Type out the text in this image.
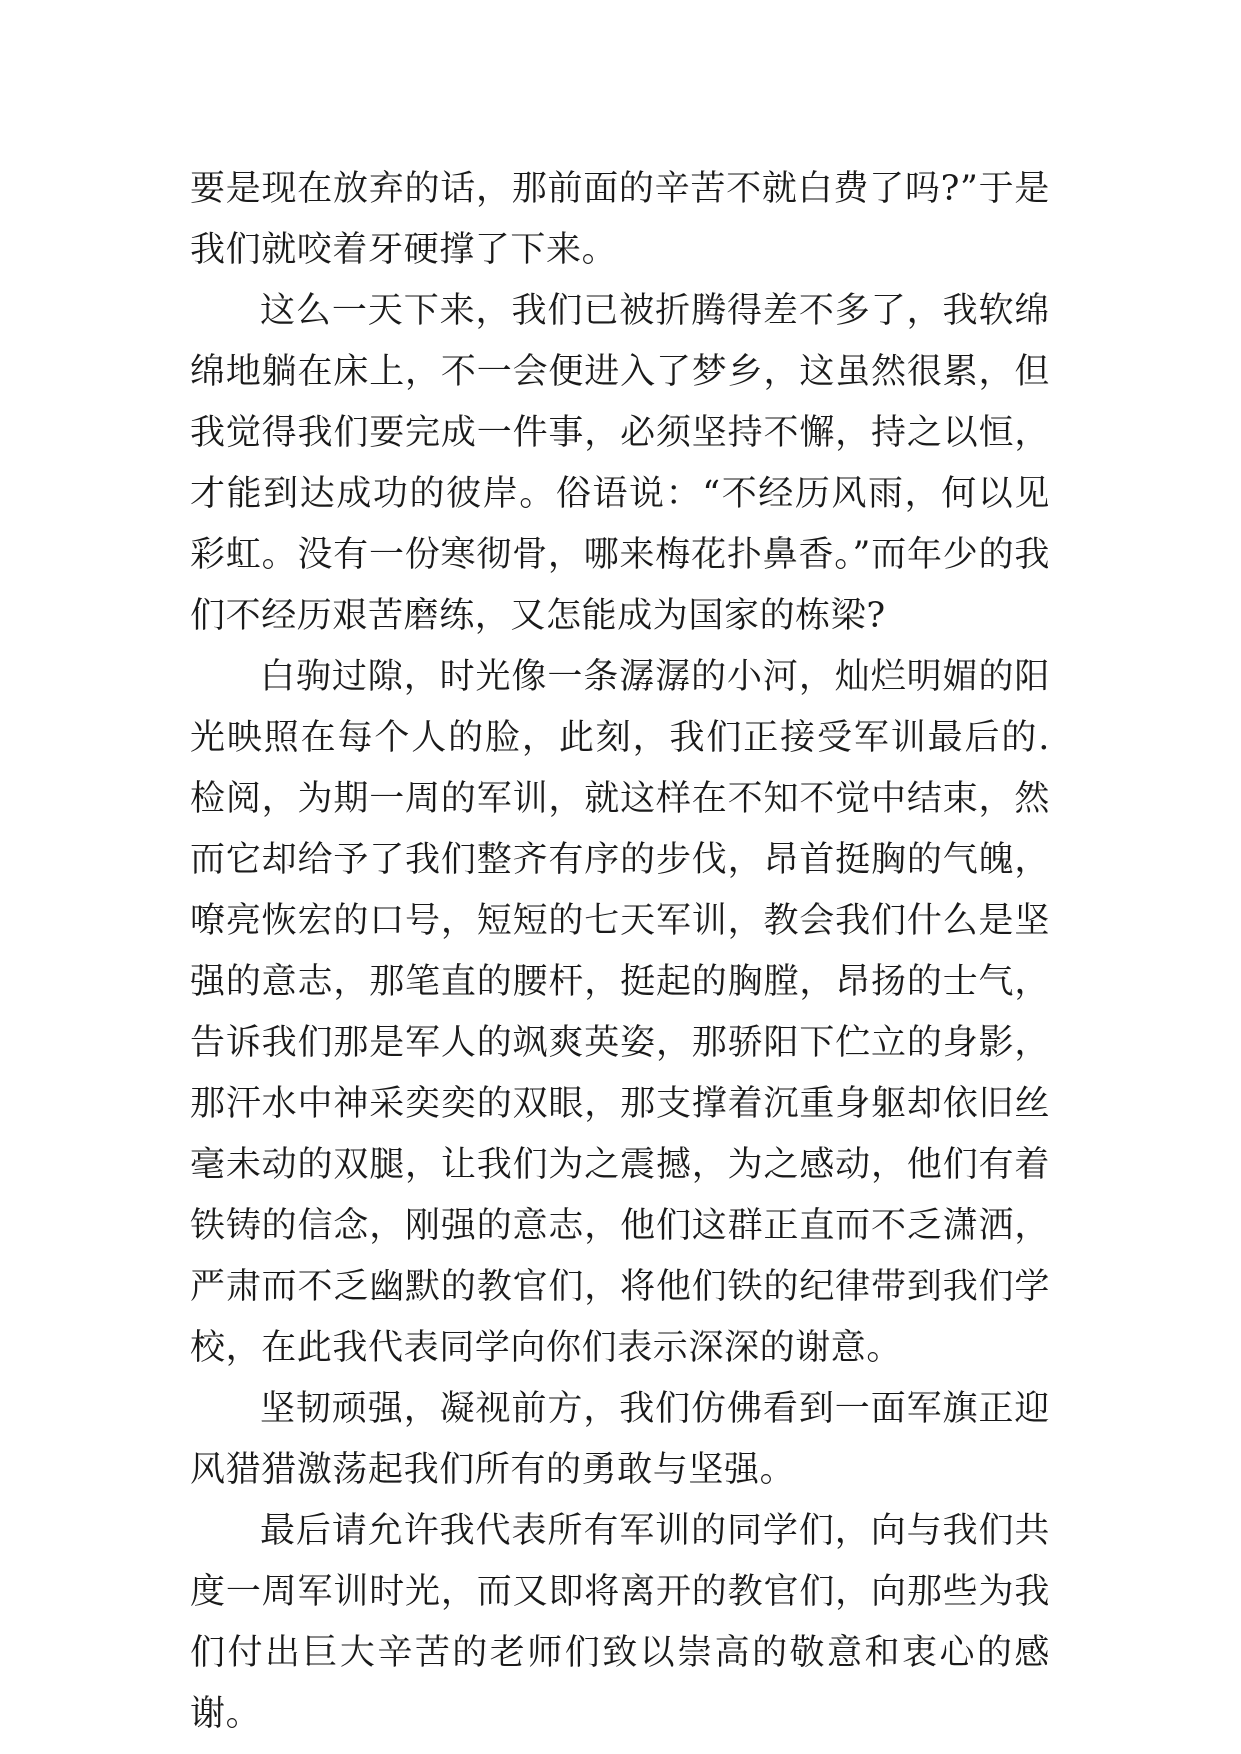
要是现在放弃的话，那前面的辛苦不就白费了吗?”于是我们就咬着牙硬撑了下来。

这么一天下来，我们已被折腾得差不多了，我软绵绵地躺在床上，不一会便进入了梦乡，这虽然很累，但我觉得我们要完成一件事，必须坚持不懈，持之以恒，才能到达成功的彼岸。俗语说：“不经历风雨，何以见彩虹。没有一份寒彻骨，哪来梅花扑鼻香。”而年少的我们不经历艰苦磨练，又怎能成为国家的栋梁?

白驹过隙，时光像一条潺潺的小河，灿烂明媚的阳光映照在每个人的脸，此刻，我们正接受军训最后的.检阅，为期一周的军训，就这样在不知不觉中结束，然而它却给予了我们整齐有序的步伐，昂首挺胸的气魄，嘹亮恢宏的口号，短短的七天军训，教会我们什么是坚强的意志，那笔直的腰杆，挺起的胸膛，昂扬的士气，告诉我们那是军人的飒爽英姿，那骄阳下伫立的身影，那汗水中神采奕奕的双眼，那支撑着沉重身躯却依旧丝毫未动的双腿，让我们为之震撼，为之感动，他们有着铁铸的信念，刚强的意志，他们这群正直而不乏潇洒，严肃而不乏幽默的教官们，将他们铁的纪律带到我们学校，在此我代表同学向你们表示深深的谢意。

坚韧顽强，凝视前方，我们仿佛看到一面军旗正迎风猎猎激荡起我们所有的勇敢与坚强。

最后请允许我代表所有军训的同学们，向与我们共度一周军训时光，而又即将离开的教官们，向那些为我们付出巨大辛苦的老师们致以崇高的敬意和衷心的感谢。
